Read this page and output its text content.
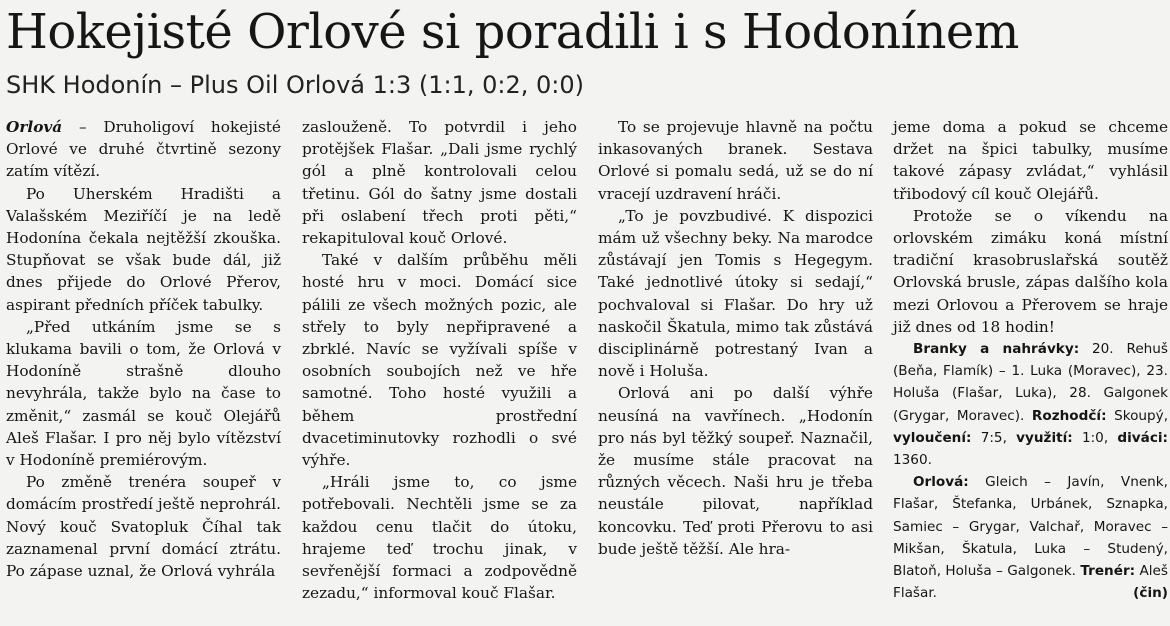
Hokejisté Orlové si poradili i s Hodonínem
SHK Hodonín – Plus Oil Orlová 1:3 (1:1, 0:2, 0:0)

Orlová – Druholigoví hokejisté Orlové ve druhé čtvrtině sezony zatím vítězí.

Po Uherském Hradišti a Valašském Meziříčí je na ledě Hodonína čekala nejtěžší zkouška. Stupňovat se však bude dál, již dnes přijede do Orlové Přerov, aspirant předních příček tabulky.

„Před utkáním jsme se s klukama bavili o tom, že Orlová v Hodoníně strašně dlouho nevyhrála, takže bylo na čase to změnit,“ zasmál se kouč Olejářů Aleš Flašar. I pro něj bylo vítězství v Hodoníně premiérovým.

Po změně trenéra soupeř v domácím prostředí ještě neprohrál. Nový kouč Svatopluk Číhal tak zaznamenal první domácí ztrátu. Po zápase uznal, že Orlová vyhrála

zaslouženě. To potvrdil i jeho protějšek Flašar. „Dali jsme rychlý gól a plně kontrolovali celou třetinu. Gól do šatny jsme dostali při oslabení třech proti pěti,“ rekapituloval kouč Orlové.

Také v dalším průběhu měli hosté hru v moci. Domácí sice pálili ze všech možných pozic, ale střely to byly nepřipravené a zbrklé. Navíc se vyžívali spíše v osobních soubojích než ve hře samotné. Toho hosté využili a během prostřední dvacetiminutovky rozhodli o své výhře.

„Hráli jsme to, co jsme potřebovali. Nechtěli jsme se za každou cenu tlačit do útoku, hrajeme teď trochu jinak, v sevřenější formaci a zodpovědně zezadu,“ informoval kouč Flašar.

To se projevuje hlavně na počtu inkasovaných branek. Sestava Orlové si pomalu sedá, už se do ní vracejí uzdravení hráči.

„To je povzbudivé. K dispozici mám už všechny beky. Na marodce zůstávají jen Tomis s Hegegym. Také jednotlivé útoky si sedají,“ pochvaloval si Flašar. Do hry už naskočil Škatula, mimo tak zůstává disciplinárně potrestaný Ivan a nově i Holuša.

Orlová ani po další výhře neusíná na vavřínech. „Hodonín pro nás byl těžký soupeř. Naznačil, že musíme stále pracovat na různých věcech. Naši hru je třeba neustále pilovat, například koncovku. Teď proti Přerovu to asi bude ještě těžší. Ale hra-

jeme doma a pokud se chceme držet na špici tabulky, musíme takové zápasy zvládat,“ vyhlásil třibodový cíl kouč Olejářů.

Protože se o víkendu na orlovském zimáku koná místní tradiční krasobruslařská soutěž Orlovská brusle, zápas dalšího kola mezi Orlovou a Přerovem se hraje již dnes od 18 hodin!

Branky a nahrávky: 20. Rehuš (Beňa, Flamík) – 1. Luka (Moravec), 23. Holuša (Flašar, Luka), 28. Galgonek (Grygar, Moravec). Rozhodčí: Skoupý, vyloučení: 7:5, využití: 1:0, diváci: 1360.

Orlová: Gleich – Javín, Vnenk, Flašar, Štefanka, Urbánek, Sznapka, Samiec – Grygar, Valchař, Moravec – Mikšan, Škatula, Luka – Studený, Blatoň, Holuša – Galgonek. Trenér: Aleš Flašar.	(čin)
